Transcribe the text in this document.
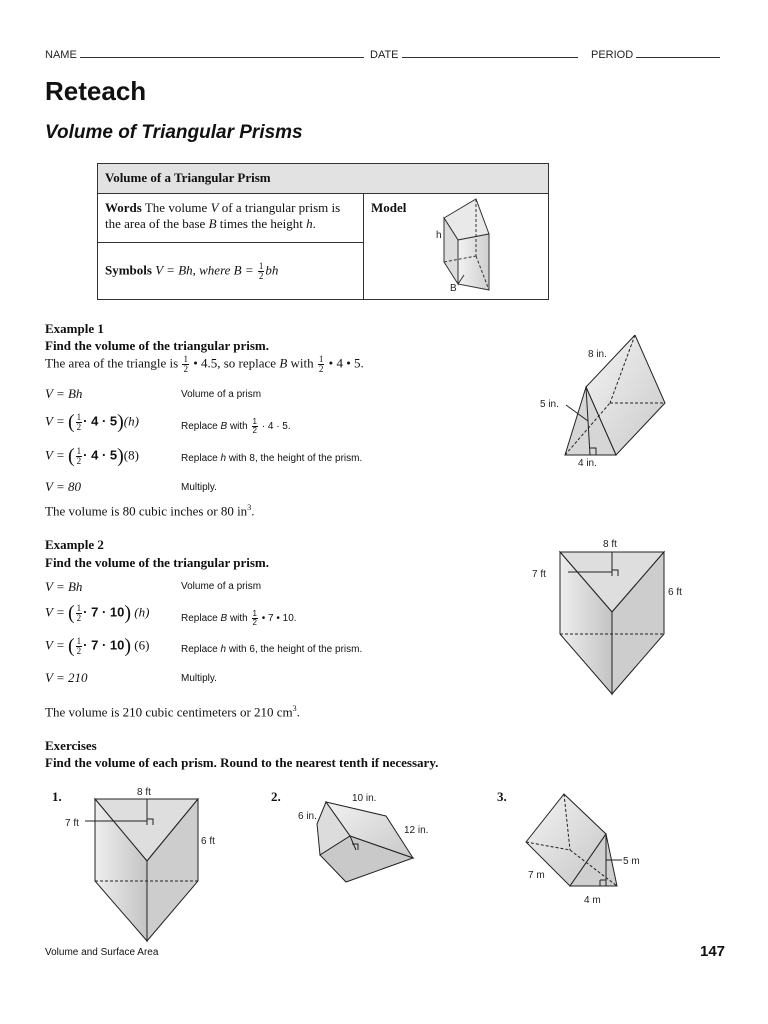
NAME	DATE	PERIOD
Reteach
Volume of Triangular Prisms
Volume of a Triangular Prism
Words The volume V of a triangular prism is the area of the base B times the height h.	Model
h
B

Symbols V = Bh, where $B = \frac{1}{2}$ bh
Example 1
Find the volume of the triangular prism.
The area of the triangle is $\frac{1}{2}$ • 4.5, so replace B with $\frac{1}{2}$ • 4 • 5.
V = Bh	Volume of a prism
V = ( $\frac{1}{2} \cdot 4 \cdot 5)(h)$	Replace B with $\frac{1}{2} \cdot 4 \cdot 5$.
V = ( $\frac{1}{2} \cdot 4 \cdot 5)(8)$	Replace h with 8, the height of the prism.
V = 80	Multiply.
The volume is 80 cubic inches or 80 $in^3$.
8 in.
5 in.
4 in.
Example 2
Find the volume of the triangular prism.
V = Bh	Volume of a prism
V = ( $\frac{1}{2} \cdot 7 \cdot 10$) (h)	Replace B with $\frac{1}{2}$ • 7 • 10.
V = ( $\frac{1}{2} \cdot 7 \cdot 10$) (6)	Replace h with 6, the height of the prism.
V = 210	Multiply.
The volume is 210 cubic centimeters or 210 $cm^3$.
8 ft
7 ft
6 ft
Exercises
Find the volume of each prism. Round to the nearest tenth if necessary.
1.	8 ft
7 ft
6 ft
2.	10 in.
6 in.
12 in.
3.
5 m
7 m
4 m
Volume and Surface Area	147
